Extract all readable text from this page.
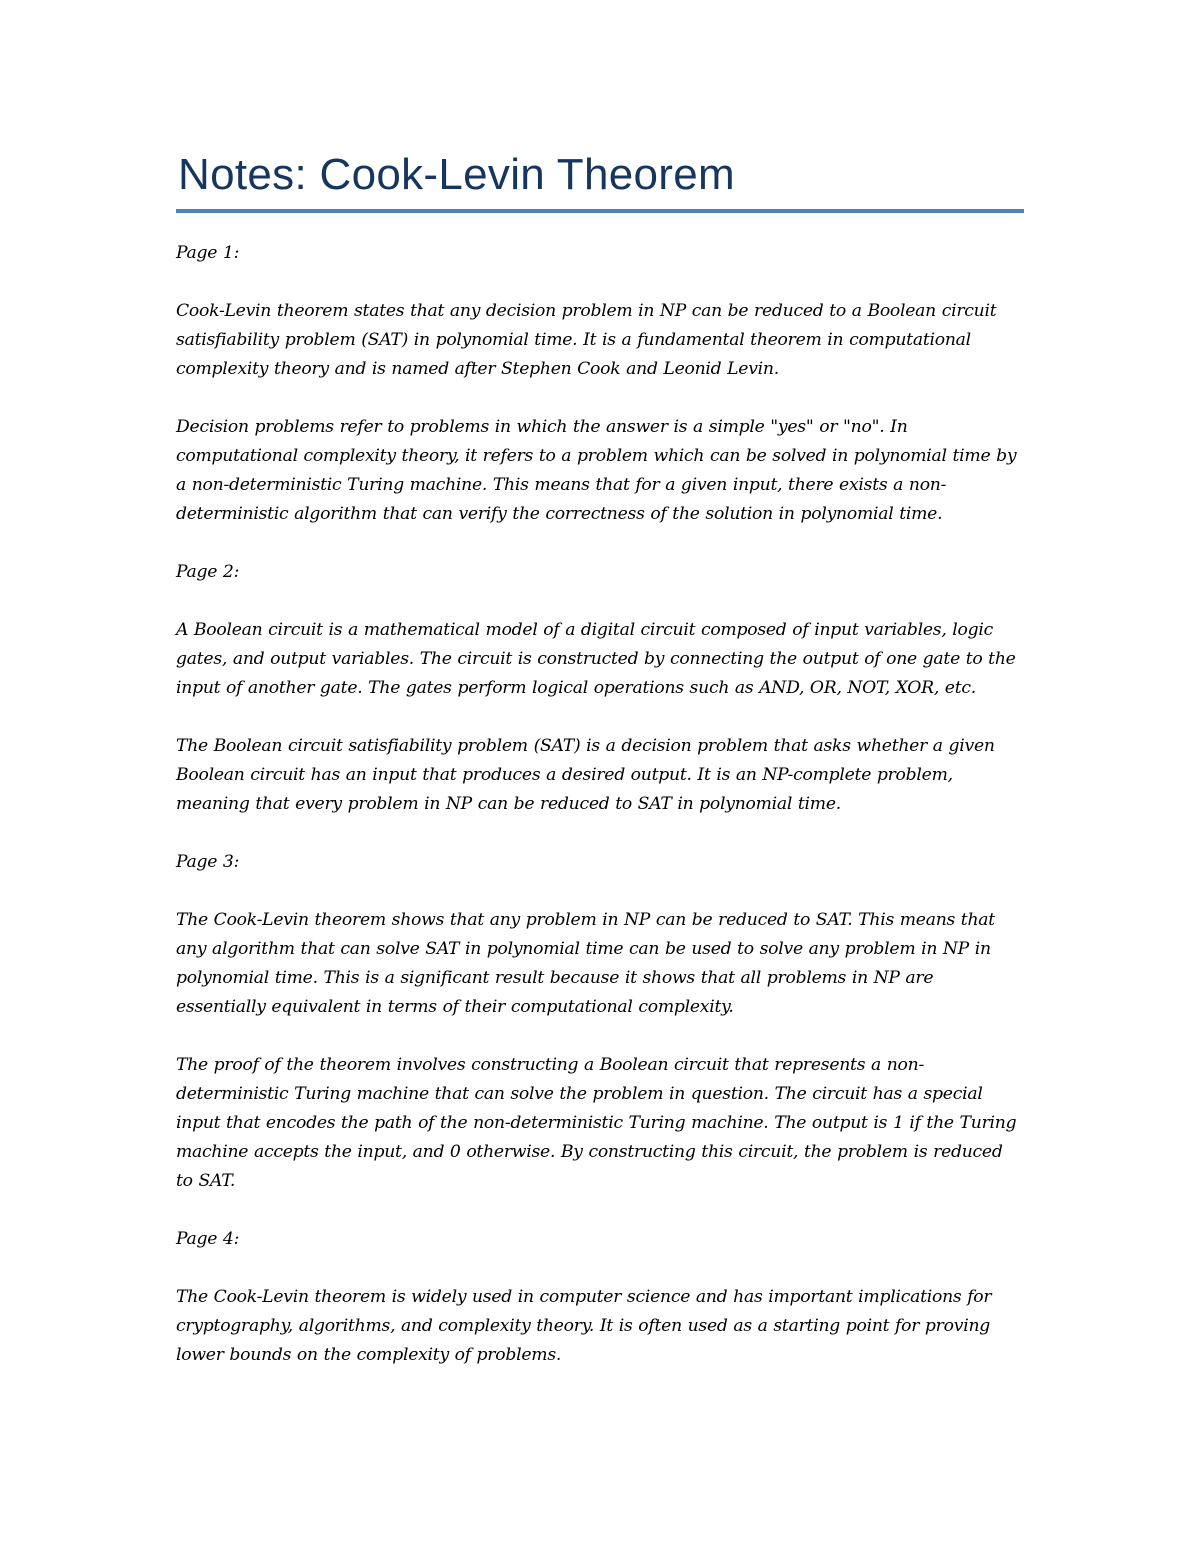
Notes: Cook-Levin Theorem

Page 1:

Cook-Levin theorem states that any decision problem in NP can be reduced to a Boolean circuit satisfiability problem (SAT) in polynomial time. It is a fundamental theorem in computational complexity theory and is named after Stephen Cook and Leonid Levin.

Decision problems refer to problems in which the answer is a simple "yes" or "no". In computational complexity theory, it refers to a problem which can be solved in polynomial time by a non-deterministic Turing machine. This means that for a given input, there exists a non-deterministic algorithm that can verify the correctness of the solution in polynomial time.

Page 2:

A Boolean circuit is a mathematical model of a digital circuit composed of input variables, logic gates, and output variables. The circuit is constructed by connecting the output of one gate to the input of another gate. The gates perform logical operations such as AND, OR, NOT, XOR, etc.

The Boolean circuit satisfiability problem (SAT) is a decision problem that asks whether a given Boolean circuit has an input that produces a desired output. It is an NP-complete problem, meaning that every problem in NP can be reduced to SAT in polynomial time.

Page 3:

The Cook-Levin theorem shows that any problem in NP can be reduced to SAT. This means that any algorithm that can solve SAT in polynomial time can be used to solve any problem in NP in polynomial time. This is a significant result because it shows that all problems in NP are essentially equivalent in terms of their computational complexity.

The proof of the theorem involves constructing a Boolean circuit that represents a non-deterministic Turing machine that can solve the problem in question. The circuit has a special input that encodes the path of the non-deterministic Turing machine. The output is 1 if the Turing machine accepts the input, and 0 otherwise. By constructing this circuit, the problem is reduced to SAT.

Page 4:

The Cook-Levin theorem is widely used in computer science and has important implications for cryptography, algorithms, and complexity theory. It is often used as a starting point for proving lower bounds on the complexity of problems.
